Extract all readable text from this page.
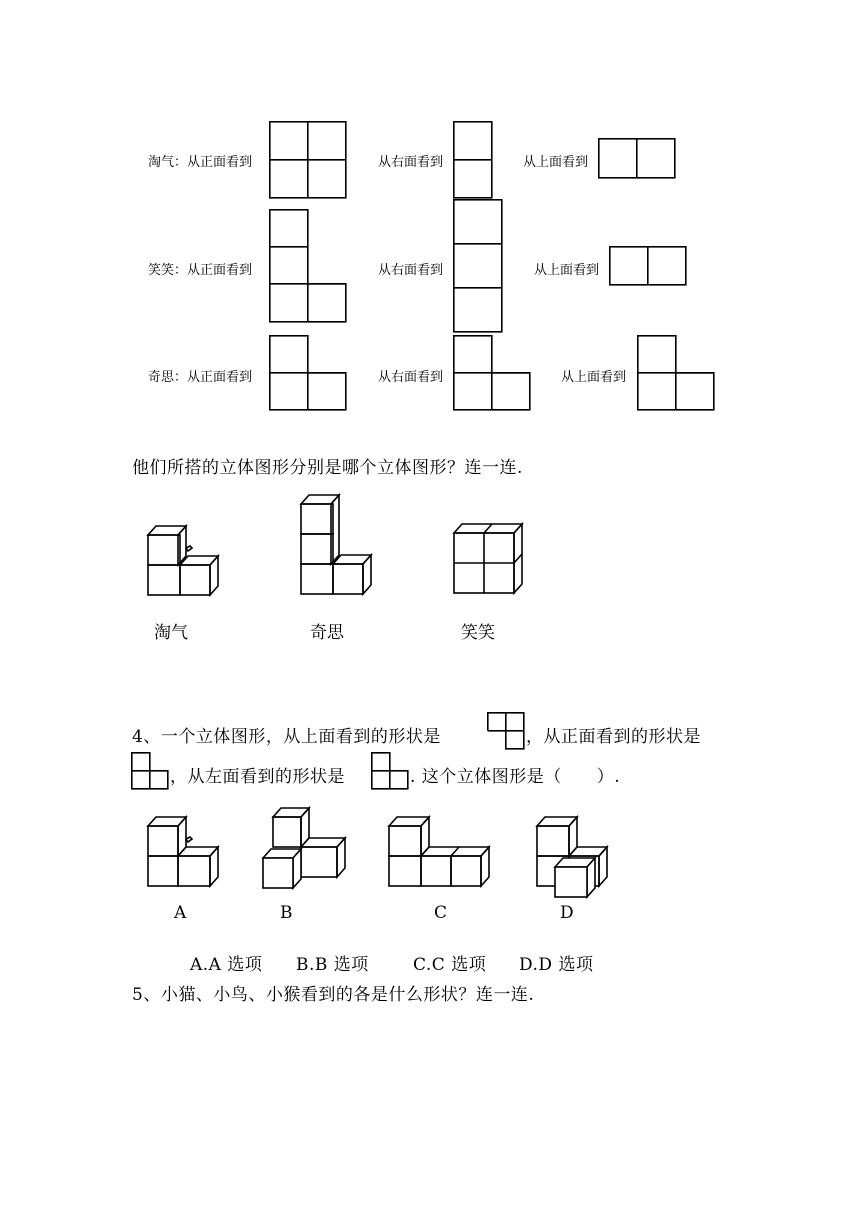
淘气：从正面看到	从右面看到	从上面看到
笑笑：从正面看到	从右面看到	从上面看到
奇思：从正面看到	从右面看到	从上面看到
他们所搭的立体图形分别是哪个立体图形？连一连.
淘气	奇思	笑笑
4、一个立体图形，从上面看到的形状是	，从正面看到的形状是
，从左面看到的形状是	. 这个立体图形是（　　）.
A	B	C	D
A.A 选项 B.B 选项	C.C 选项 D.D 选项
5、小猫、小鸟、小猴看到的各是什么形状？连一连.
